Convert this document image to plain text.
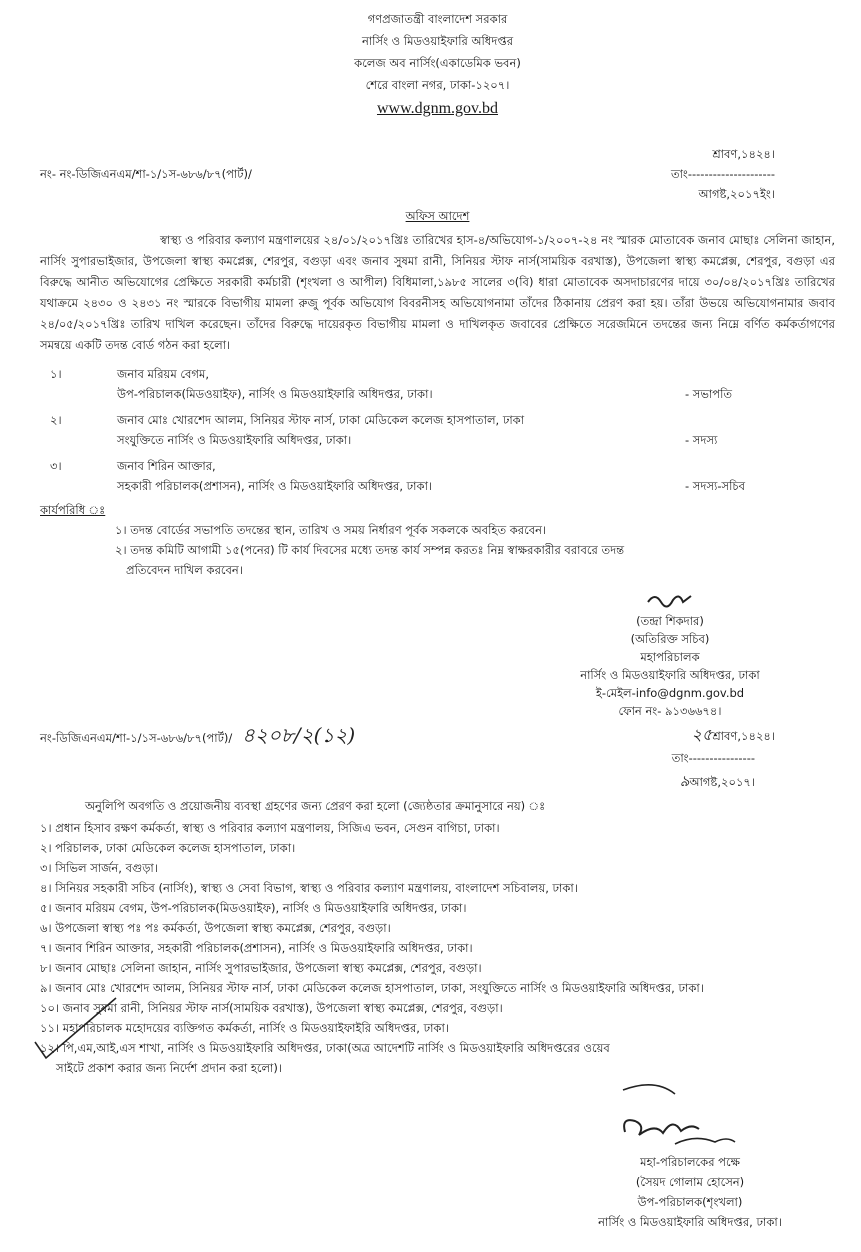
গণপ্রজাতন্ত্রী বাংলাদেশ সরকার
নার্সিং ও মিডওয়াইফারি অধিদপ্তর
কলেজ অব নার্সিং(একাডেমিক ভবন)
শেরে বাংলা নগর, ঢাকা-১২০৭।
www.dgnm.gov.bd
শ্রাবণ,১৪২৪।
নং- নং-ডিজিএনএম/শা-১/১স-৬৮৬/৮৭(পার্ট)/	তাং---------------------
আগষ্ট,২০১৭ইং।
অফিস আদেশ
স্বাস্থ্য ও পরিবার কল্যাণ মন্ত্রণালয়ের ২৪/০১/২০১৭খ্রিঃ তারিখের হাস-৪/অভিযোগ-১/২০০৭-২৪ নং স্মারক মোতাবেক জনাব মোছাঃ সেলিনা জাহান, নার্সিং সুপারভাইজার, উপজেলা স্বাস্থ্য কমপ্লেক্স, শেরপুর, বগুড়া এবং জনাব সুষমা রানী, সিনিয়র স্টাফ নার্স(সাময়িক বরখাস্ত), উপজেলা স্বাস্থ্য কমপ্লেক্স, শেরপুর, বগুড়া এর বিরুদ্ধে আনীত অভিযোগের প্রেক্ষিতে সরকারী কর্মচারী (শৃংখলা ও আপীল) বিধিমালা,১৯৮৫ সালের ৩(বি) ধারা মোতাবেক অসদাচারণের দায়ে ৩০/০৪/২০১৭খ্রিঃ তারিখের যথাক্রমে ২৪৩০ ও ২৪৩১ নং স্মারকে বিভাগীয় মামলা রুজু পূর্বক অভিযোগ বিবরনীসহ অভিযোগনামা তাঁদের ঠিকানায় প্রেরণ করা হয়। তাঁরা উভয়ে অভিযোগনামার জবাব ২৪/০৫/২০১৭খ্রিঃ তারিখ দাখিল করেছেন। তাঁদের বিরুদ্ধে দায়েরকৃত বিভাগীয় মামলা ও দাখিলকৃত জবাবের প্রেক্ষিতে সরেজমিনে তদন্তের জন্য নিম্নে বর্ণিত কর্মকর্তাগণের সমন্বয়ে একটি তদন্ত বোর্ড গঠন করা হলো।
১।	জনাব মরিয়ম বেগম,
উপ-পরিচালক(মিডওয়াইফ), নার্সিং ও মিডওয়াইফারি অধিদপ্তর, ঢাকা।	- সভাপতি
২।	জনাব মোঃ খোরশেদ আলম, সিনিয়র স্টাফ নার্স, ঢাকা মেডিকেল কলেজ হাসপাতাল, ঢাকা
সংযুক্তিতে নার্সিং ও মিডওয়াইফারি অধিদপ্তর, ঢাকা।	- সদস্য
৩।	জনাব শিরিন আক্তার,
সহকারী পরিচালক(প্রশাসন), নার্সিং ও মিডওয়াইফারি অধিদপ্তর, ঢাকা।	- সদস্য-সচিব
কার্যপরিধি ঃ
১। তদন্ত বোর্ডের সভাপতি তদন্তের স্থান, তারিখ ও সময় নির্ধারণ পূর্বক সকলকে অবহিত করবেন।
২। তদন্ত কমিটি আগামী ১৫(পনের) টি কার্য দিবসের মধ্যে তদন্ত কার্য সম্পন্ন করতঃ নিম্ন স্বাক্ষরকারীর বরাবরে তদন্ত
প্রতিবেদন দাখিল করবেন।
(তন্দ্রা শিকদার)
(অতিরিক্ত সচিব)
মহাপরিচালক
নার্সিং ও মিডওয়াইফারি অধিদপ্তর, ঢাকা
ই-মেইল-info@dgnm.gov.bd
ফোন নং- ৯১৩৬৬৭৪।
নং-ডিজিএনএম/শা-১/১স-৬৮৬/৮৭(পার্ট)/ ৪২০৮/২(১২)	২৫শ্রাবণ,১৪২৪।
তাং----------------
৯আগষ্ট,২০১৭।
অনুলিপি অবগতি ও প্রয়োজনীয় ব্যবস্থা গ্রহণের জন্য প্রেরণ করা হলো (জ্যেষ্ঠতার ক্রমানুসারে নয়) ঃ
১। প্রধান হিসাব রক্ষণ কর্মকর্তা, স্বাস্থ্য ও পরিবার কল্যাণ মন্ত্রণালয়, সিজিএ ভবন, সেগুন বাগিচা, ঢাকা।
২। পরিচালক, ঢাকা মেডিকেল কলেজ হাসপাতাল, ঢাকা।
৩। সিভিল সার্জন, বগুড়া।
৪। সিনিয়র সহকারী সচিব (নার্সিং), স্বাস্থ্য ও সেবা বিভাগ, স্বাস্থ্য ও পরিবার কল্যাণ মন্ত্রণালয়, বাংলাদেশ সচিবালয়, ঢাকা।
৫। জনাব মরিয়ম বেগম, উপ-পরিচালক(মিডওয়াইফ), নার্সিং ও মিডওয়াইফারি অধিদপ্তর, ঢাকা।
৬। উপজেলা স্বাস্থ্য পঃ পঃ কর্মকর্তা, উপজেলা স্বাস্থ্য কমপ্লেক্স, শেরপুর, বগুড়া।
৭। জনাব শিরিন আক্তার, সহকারী পরিচালক(প্রশাসন), নার্সিং ও মিডওয়াইফারি অধিদপ্তর, ঢাকা।
৮। জনাব মোছাঃ সেলিনা জাহান, নার্সিং সুপারভাইজার, উপজেলা স্বাস্থ্য কমপ্লেক্স, শেরপুর, বগুড়া।
৯। জনাব মোঃ খোরশেদ আলম, সিনিয়র স্টাফ নার্স, ঢাকা মেডিকেল কলেজ হাসপাতাল, ঢাকা, সংযুক্তিতে নার্সিং ও মিডওয়াইফারি অধিদপ্তর, ঢাকা।
১০। জনাব সুষমা রানী, সিনিয়র স্টাফ নার্স(সাময়িক বরখাস্ত), উপজেলা স্বাস্থ্য কমপ্লেক্স, শেরপুর, বগুড়া।
১১। মহাপরিচালক মহোদয়ের ব্যক্তিগত কর্মকর্তা, নার্সিং ও মিডওয়াইফাইরি অধিদপ্তর, ঢাকা।
১২। পি,এম,আই,এস শাখা, নার্সিং ও মিডওয়াইফারি অধিদপ্তর, ঢাকা(অত্র আদেশটি নার্সিং ও মিডওয়াইফারি অধিদপ্তরের ওয়েব
সাইটে প্রকাশ করার জন্য নির্দেশ প্রদান করা হলো)।
মহা-পরিচালকের পক্ষে
(সৈয়দ গোলাম হোসেন)
উপ-পরিচালক(শৃংখলা)
নার্সিং ও মিডওয়াইফারি অধিদপ্তর, ঢাকা।
